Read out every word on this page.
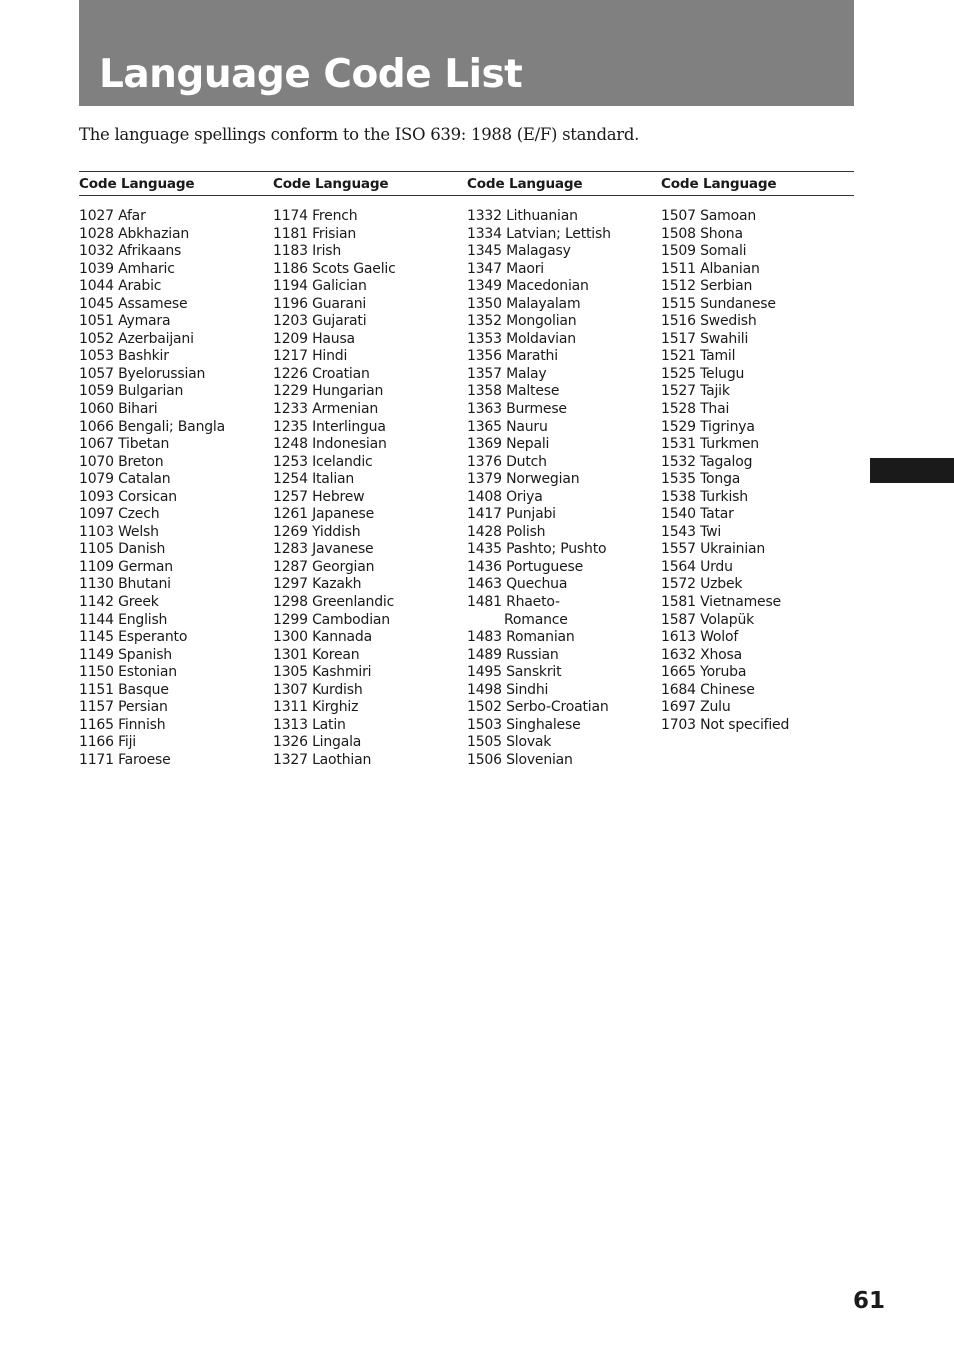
Language Code List

The language spellings conform to the ISO 639: 1988 (E/F) standard.

Code Language
1027 Afar
1028 Abkhazian
1032 Afrikaans
1039 Amharic
1044 Arabic
1045 Assamese
1051 Aymara
1052 Azerbaijani
1053 Bashkir
1057 Byelorussian
1059 Bulgarian
1060 Bihari
1066 Bengali; Bangla
1067 Tibetan
1070 Breton
1079 Catalan
1093 Corsican
1097 Czech
1103 Welsh
1105 Danish
1109 German
1130 Bhutani
1142 Greek
1144 English
1145 Esperanto
1149 Spanish
1150 Estonian
1151 Basque
1157 Persian
1165 Finnish
1166 Fiji
1171 Faroese
Code Language
1174 French
1181 Frisian
1183 Irish
1186 Scots Gaelic
1194 Galician
1196 Guarani
1203 Gujarati
1209 Hausa
1217 Hindi
1226 Croatian
1229 Hungarian
1233 Armenian
1235 Interlingua
1248 Indonesian
1253 Icelandic
1254 Italian
1257 Hebrew
1261 Japanese
1269 Yiddish
1283 Javanese
1287 Georgian
1297 Kazakh
1298 Greenlandic
1299 Cambodian
1300 Kannada
1301 Korean
1305 Kashmiri
1307 Kurdish
1311 Kirghiz
1313 Latin
1326 Lingala
1327 Laothian
Code Language
1332 Lithuanian
1334 Latvian; Lettish
1345 Malagasy
1347 Maori
1349 Macedonian
1350 Malayalam
1352 Mongolian
1353 Moldavian
1356 Marathi
1357 Malay
1358 Maltese
1363 Burmese
1365 Nauru
1369 Nepali
1376 Dutch
1379 Norwegian
1408 Oriya
1417 Punjabi
1428 Polish
1435 Pashto; Pushto
1436 Portuguese
1463 Quechua
1481 Rhaeto-
Romance
1483 Romanian
1489 Russian
1495 Sanskrit
1498 Sindhi
1502 Serbo-Croatian
1503 Singhalese
1505 Slovak
1506 Slovenian
Code Language
1507 Samoan
1508 Shona
1509 Somali
1511 Albanian
1512 Serbian
1515 Sundanese
1516 Swedish
1517 Swahili
1521 Tamil
1525 Telugu
1527 Tajik
1528 Thai
1529 Tigrinya
1531 Turkmen
1532 Tagalog
1535 Tonga
1538 Turkish
1540 Tatar
1543 Twi
1557 Ukrainian
1564 Urdu
1572 Uzbek
1581 Vietnamese
1587 Volapük
1613 Wolof
1632 Xhosa
1665 Yoruba
1684 Chinese
1697 Zulu
1703 Not specified
61
